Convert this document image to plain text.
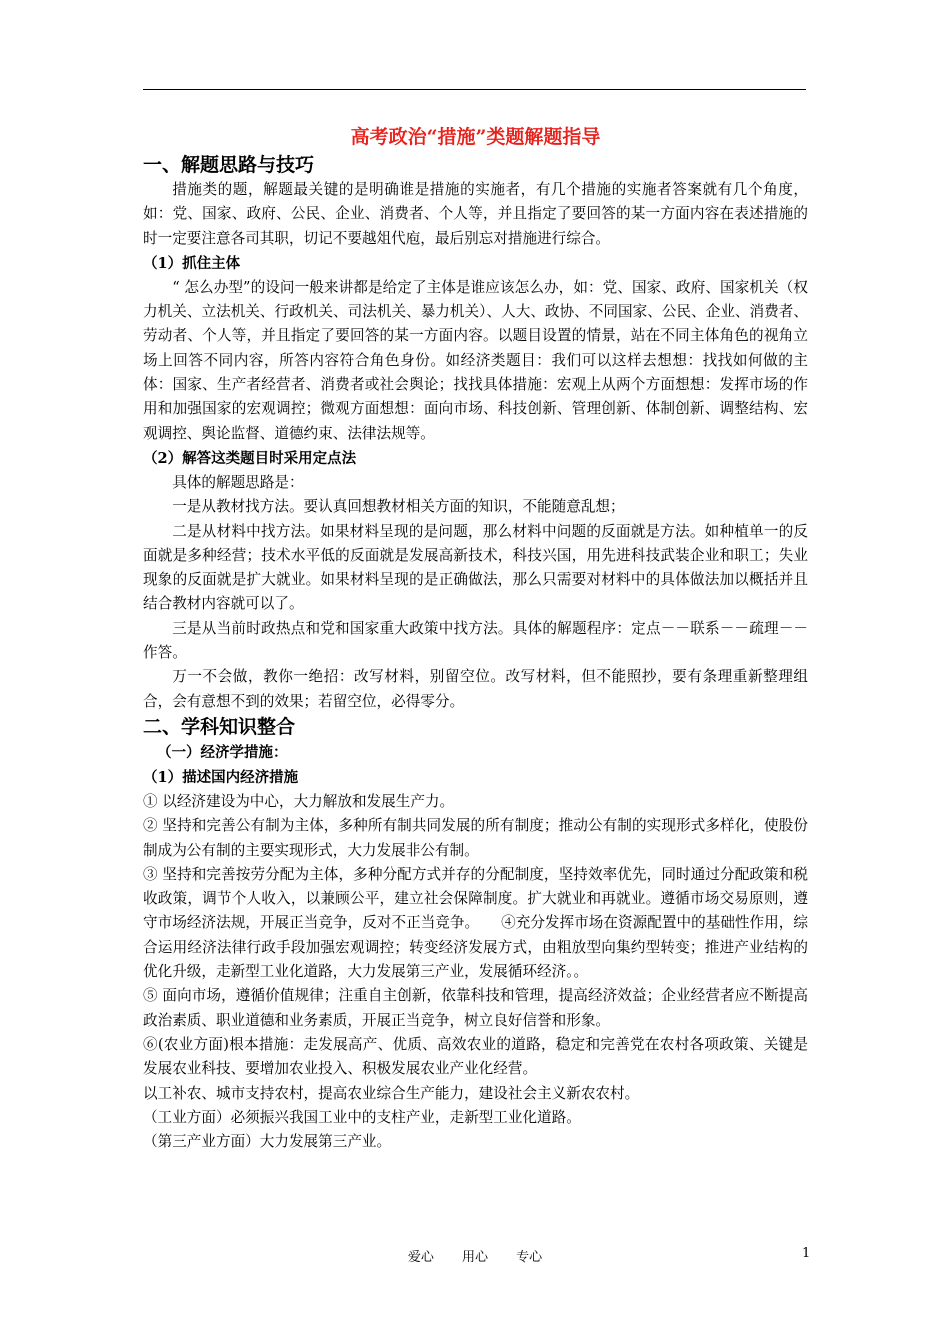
高考政治“措施”类题解题指导
一、解题思路与技巧

措施类的题，解题最关键的是明确谁是措施的实施者，有几个措施的实施者答案就有几个角度，如：党、国家、政府、公民、企业、消费者、个人等，并且指定了要回答的某一方面内容在表述措施的时一定要注意各司其职，切记不要越俎代庖，最后别忘对措施进行综合。

（1）抓住主体

“ 怎么办型”的设问一般来讲都是给定了主体是谁应该怎么办，如：党、国家、政府、国家机关（权力机关、立法机关、行政机关、司法机关、暴力机关）、人大、政协、不同国家、公民、企业、消费者、劳动者、个人等，并且指定了要回答的某一方面内容。以题目设置的情景，站在不同主体角色的视角立场上回答不同内容，所答内容符合角色身份。如经济类题目：我们可以这样去想想：找找如何做的主体：国家、生产者经营者、消费者或社会舆论；找找具体措施：宏观上从两个方面想想：发挥市场的作用和加强国家的宏观调控；微观方面想想：面向市场、科技创新、管理创新、体制创新、调整结构、宏观调控、舆论监督、道德约束、法律法规等。

（2）解答这类题目时采用定点法

具体的解题思路是：

一是从教材找方法。要认真回想教材相关方面的知识，不能随意乱想；

二是从材料中找方法。如果材料呈现的是问题，那么材料中问题的反面就是方法。如种植单一的反面就是多种经营；技术水平低的反面就是发展高新技术，科技兴国，用先进科技武装企业和职工；失业现象的反面就是扩大就业。如果材料呈现的是正确做法，那么只需要对材料中的具体做法加以概括并且结合教材内容就可以了。

三是从当前时政热点和党和国家重大政策中找方法。具体的解题程序：定点－－联系－－疏理－－作答。

万一不会做，教你一绝招：改写材料，别留空位。改写材料，但不能照抄，要有条理重新整理组合，会有意想不到的效果；若留空位，必得零分。

二、学科知识整合
（一）经济学措施：
（1）描述国内经济措施

① 以经济建设为中心，大力解放和发展生产力。

② 坚持和完善公有制为主体，多种所有制共同发展的所有制度；推动公有制的实现形式多样化，使股份制成为公有制的主要实现形式，大力发展非公有制。

③ 坚持和完善按劳分配为主体，多种分配方式并存的分配制度，坚持效率优先，同时通过分配政策和税收政策，调节个人收入，以兼顾公平，建立社会保障制度。扩大就业和再就业。遵循市场交易原则，遵守市场经济法规，开展正当竞争，反对不正当竞争。　　④充分发挥市场在资源配置中的基础性作用，综合运用经济法律行政手段加强宏观调控；转变经济发展方式，由粗放型向集约型转变；推进产业结构的优化升级，走新型工业化道路，大力发展第三产业，发展循环经济。。

⑤ 面向市场，遵循价值规律；注重自主创新，依靠科技和管理，提高经济效益；企业经营者应不断提高政治素质、职业道德和业务素质，开展正当竞争，树立良好信誉和形象。

⑥(农业方面)根本措施：走发展高产、优质、高效农业的道路，稳定和完善党在农村各项政策、关键是发展农业科技、要增加农业投入、积极发展农业产业化经营。

以工补农、城市支持农村，提高农业综合生产能力，建设社会主义新农农村。

（工业方面）必须振兴我国工业中的支柱产业，走新型工业化道路。

（第三产业方面）大力发展第三产业。

爱心 用心 专心	1
